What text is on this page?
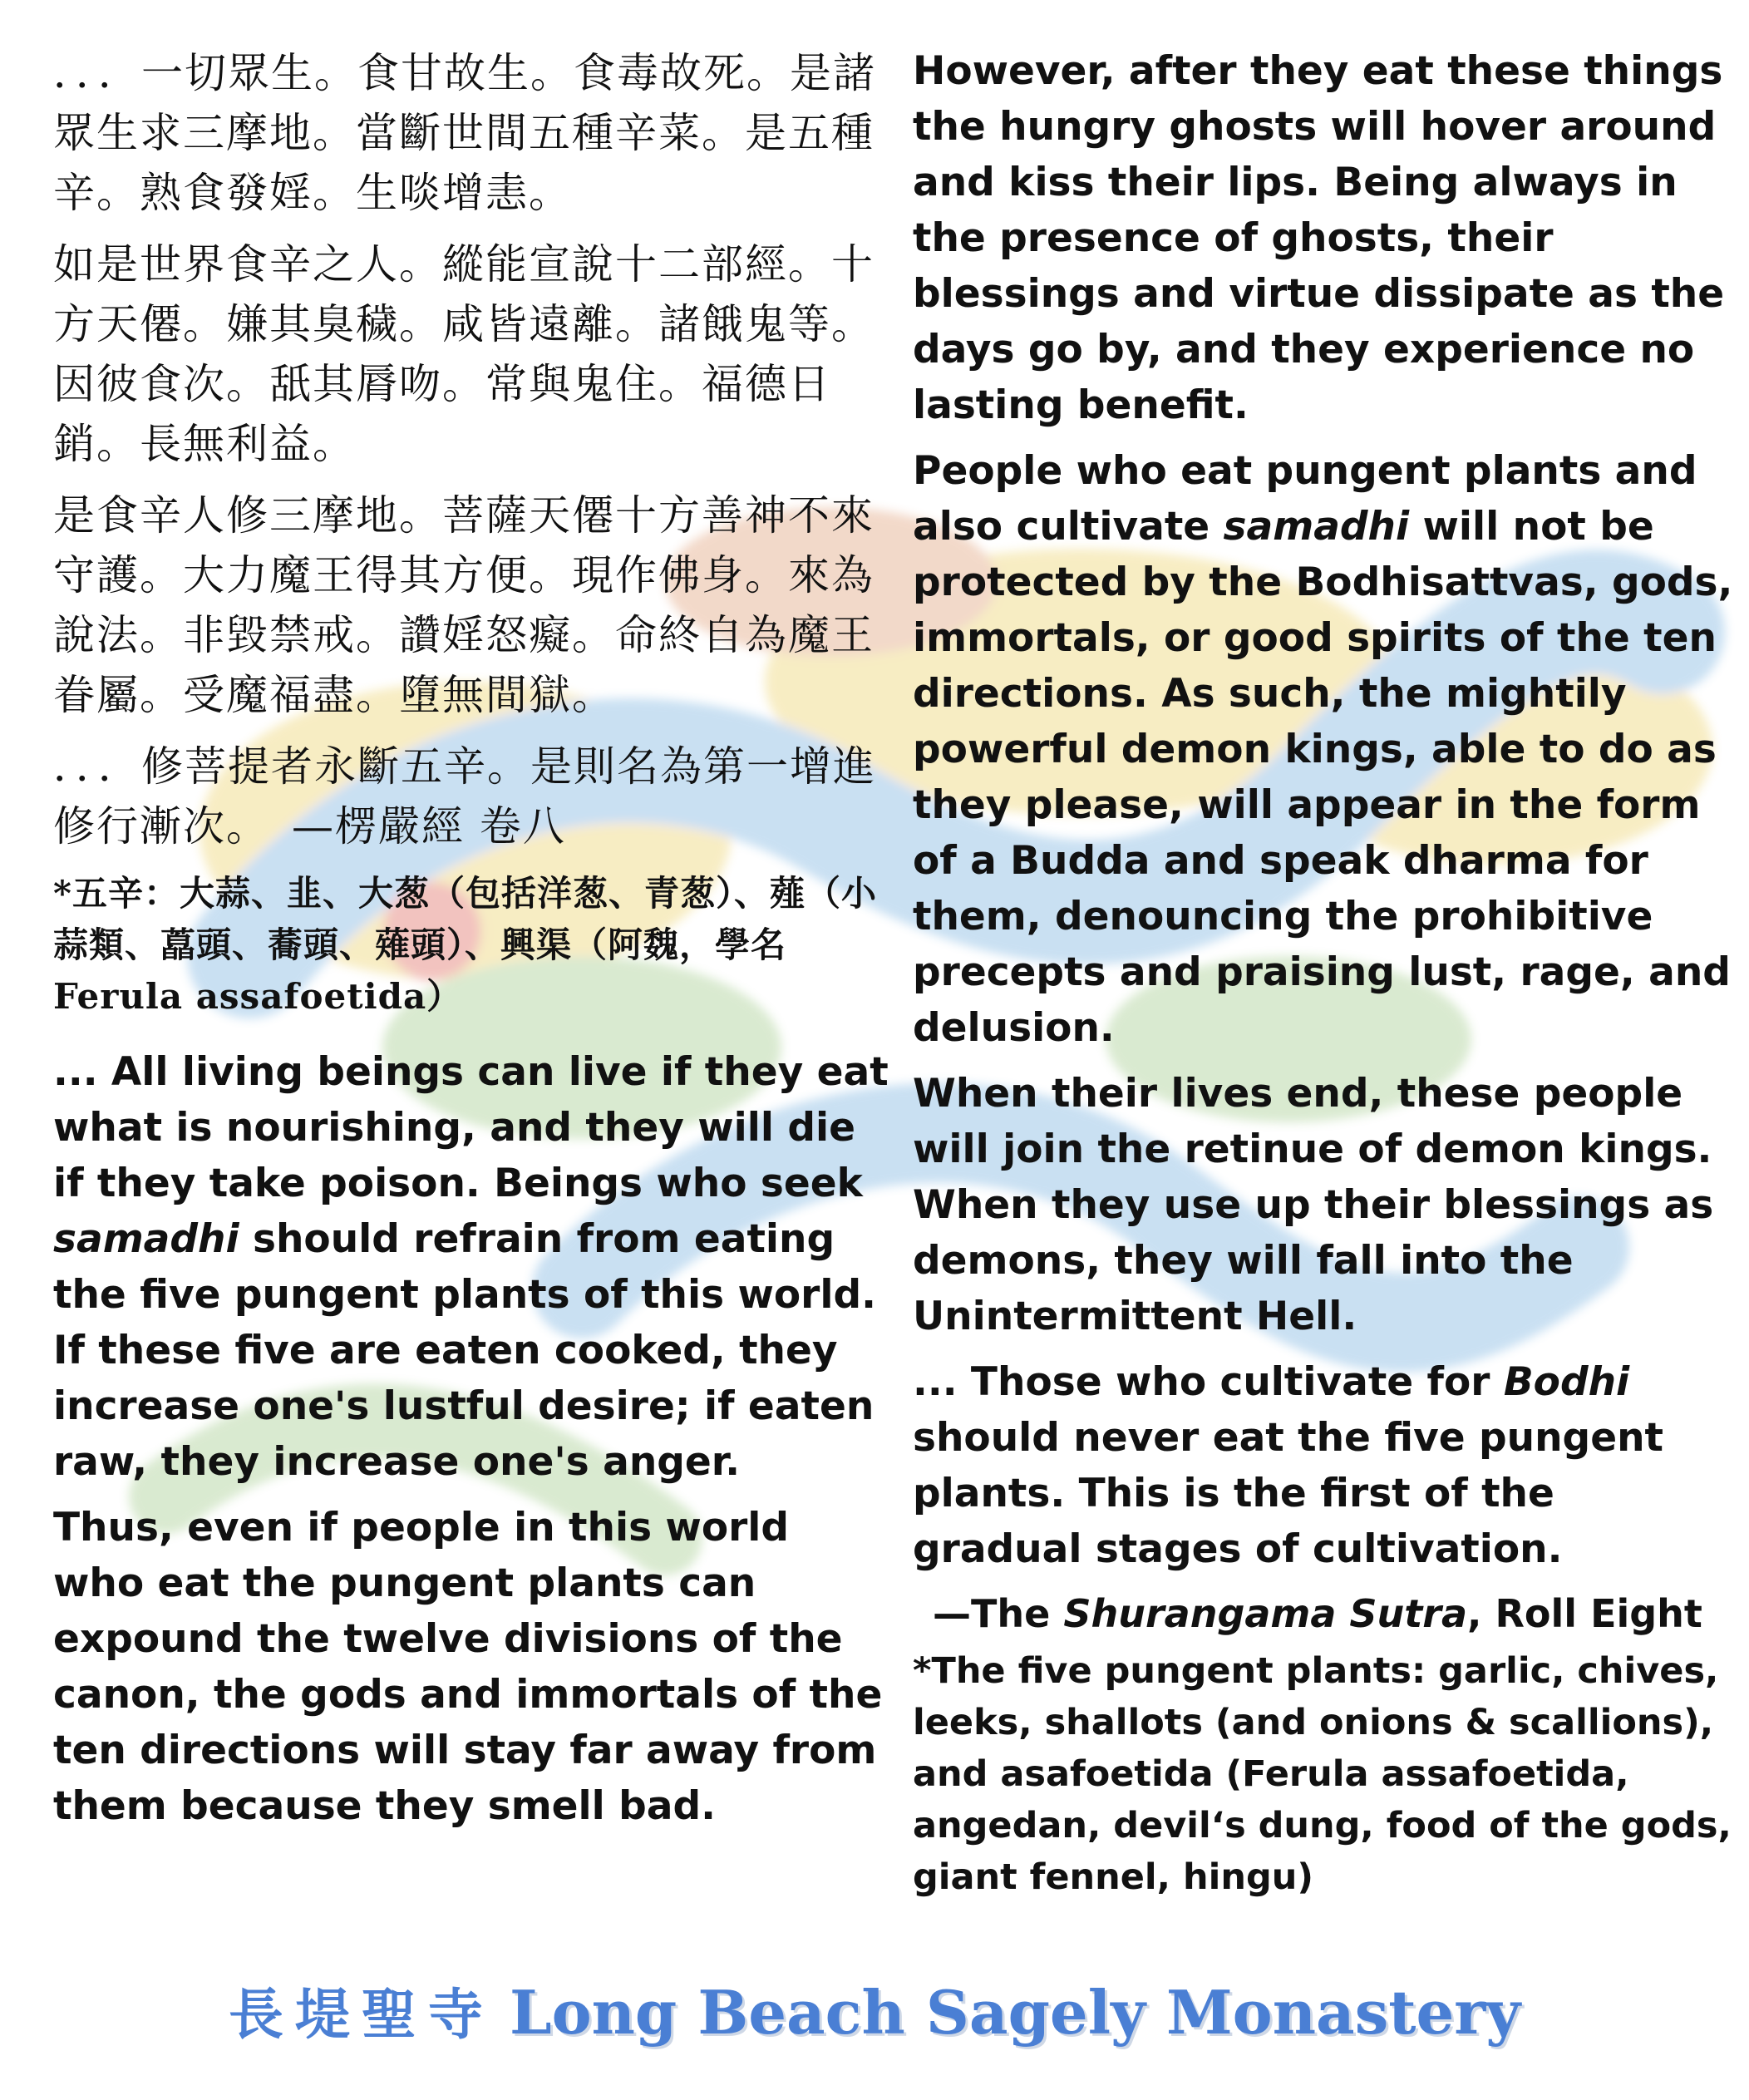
．．．一切眾生。食甘故生。食毒故死。是諸眾生求三摩地。當斷世間五種辛菜。是五種辛。熟食發婬。生啖增恚。

如是世界食辛之人。縱能宣說十二部經。十方天僊。嫌其臭穢。咸皆遠離。諸餓鬼等。因彼食次。舐其脣吻。常與鬼住。福德日銷。長無利益。

是食辛人修三摩地。菩薩天僊十方善神不來守護。大力魔王得其方便。現作佛身。來為說法。非毀禁戒。讚婬怒癡。命終自為魔王眷屬。受魔福盡。墮無間獄。

．．．修菩提者永斷五辛。是則名為第一增進修行漸次。　—楞嚴經 卷八

*五辛：大蒜、韭、大葱（包括洋葱、青葱）、薤（小蒜類、藠頭、蕎頭、薙頭）、興渠（阿魏，學名Ferula assafoetida）

... All living beings can live if they eat what is nourishing, and they will die if they take poison. Beings who seek samadhi should refrain from eating the five pungent plants of this world. If these five are eaten cooked, they increase one's lustful desire; if eaten raw, they increase one's anger.

Thus, even if people in this world who eat the pungent plants can expound the twelve divisions of the canon, the gods and immortals of the ten directions will stay far away from them because they smell bad.

However, after they eat these things the hungry ghosts will hover around and kiss their lips. Being always in the presence of ghosts, their blessings and virtue dissipate as the days go by, and they experience no lasting benefit.

People who eat pungent plants and also cultivate samadhi will not be protected by the Bodhisattvas, gods, immortals, or good spirits of the ten directions. As such, the mightily powerful demon kings, able to do as they please, will appear in the form of a Budda and speak dharma for them, denouncing the prohibitive precepts and praising lust, rage, and delusion.

When their lives end, these people will join the retinue of demon kings. When they use up their blessings as demons, they will fall into the Unintermittent Hell.

... Those who cultivate for Bodhi should never eat the five pungent plants. This is the first of the gradual stages of cultivation.

—The Shurangama Sutra, Roll Eight

*The five pungent plants: garlic, chives, leeks, shallots (and onions & scallions), and asafoetida (Ferula assafoetida, angedan, devil‘s dung, food of the gods, giant fennel, hingu)

長堤聖寺 Long Beach Sagely Monastery
